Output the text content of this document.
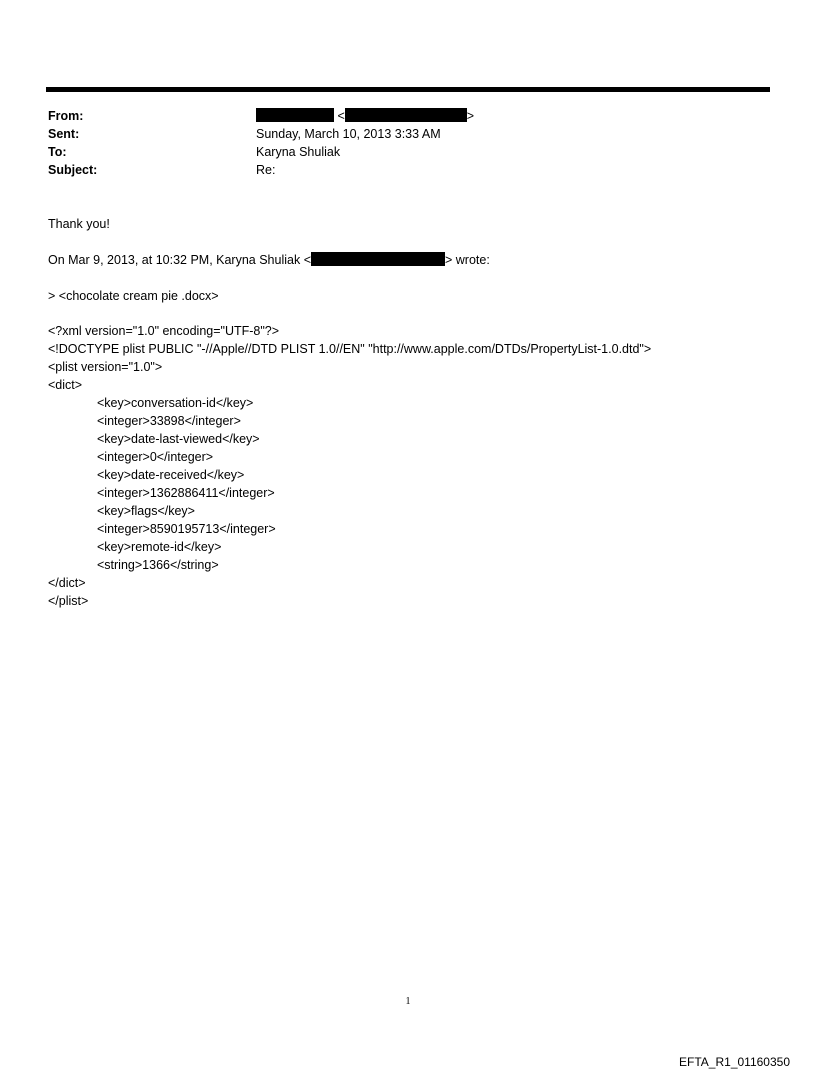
From:
Sent:
To:
Subject:
<	>
Sunday, March 10, 2013 3:33 AM
Karyna Shuliak
Re:
Thank you!
On Mar 9, 2013, at 10:32 PM, Karyna Shuliak <	> wrote:
> <chocolate cream pie .docx>
<?xml version="1.0" encoding="UTF-8"?>
<!DOCTYPE plist PUBLIC "-//Apple//DTD PLIST 1.0//EN" "http://www.apple.com/DTDs/PropertyList-1.0.dtd">
<plist version="1.0">
<dict>
<key>conversation-id</key>
<integer>33898</integer>
<key>date-last-viewed</key>
<integer>0</integer>
<key>date-received</key>
<integer>1362886411</integer>
<key>flags</key>
<integer>8590195713</integer>
<key>remote-id</key>
<string>1366</string>
</dict>
</plist>
1
EFTA_R1_01160350
